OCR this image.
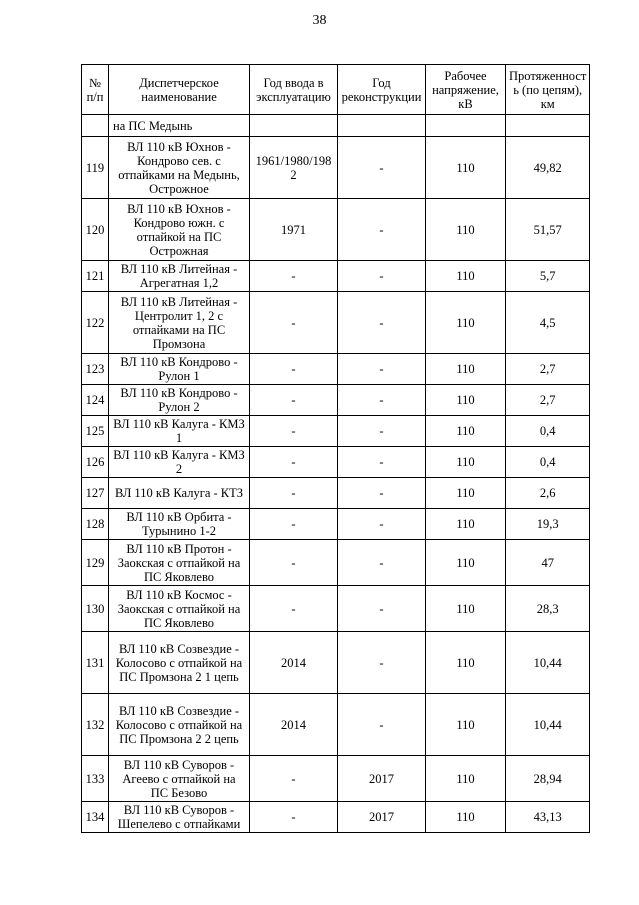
38
№ п/п	Диспетчерское наименование	Год ввода в эксплуатацию	Год реконструкции	Рабочее напряжение, кВ	Протяженност ь (по цепям), км
	на ПС Медынь				
119	ВЛ 110 кВ Юхнов - Кондрово сев. с отпайками на Медынь, Острожное	1961/1980/198 2	-	110	49,82
120	ВЛ 110 кВ Юхнов - Кондрово южн. с отпайкой на ПС Острожная	1971	-	110	51,57
121	ВЛ 110 кВ Литейная - Агрегатная 1,2	-	-	110	5,7
122	ВЛ 110 кВ Литейная - Центролит 1, 2 с отпайками на ПС Промзона	-	-	110	4,5
123	ВЛ 110 кВ Кондрово - Рулон 1	-	-	110	2,7
124	ВЛ 110 кВ Кондрово - Рулон 2	-	-	110	2,7
125	ВЛ 110 кВ Калуга - КМЗ 1	-	-	110	0,4
126	ВЛ 110 кВ Калуга - КМЗ 2	-	-	110	0,4
127	ВЛ 110 кВ Калуга - КТЗ	-	-	110	2,6
128	ВЛ 110 кВ Орбита - Турынино 1-2	-	-	110	19,3
129	ВЛ 110 кВ Протон - Заокская с отпайкой на ПС Яковлево	-	-	110	47
130	ВЛ 110 кВ Космос - Заокская с отпайкой на ПС Яковлево	-	-	110	28,3
131	ВЛ 110 кВ Созвездие - Колосово с отпайкой на ПС Промзона 2 1 цепь	2014	-	110	10,44
132	ВЛ 110 кВ Созвездие - Колосово с отпайкой на ПС Промзона 2 2 цепь	2014	-	110	10,44
133	ВЛ 110 кВ Суворов - Агеево с отпайкой на ПС Безово	-	2017	110	28,94
134	ВЛ 110 кВ Суворов - Шепелево с отпайками	-	2017	110	43,13
